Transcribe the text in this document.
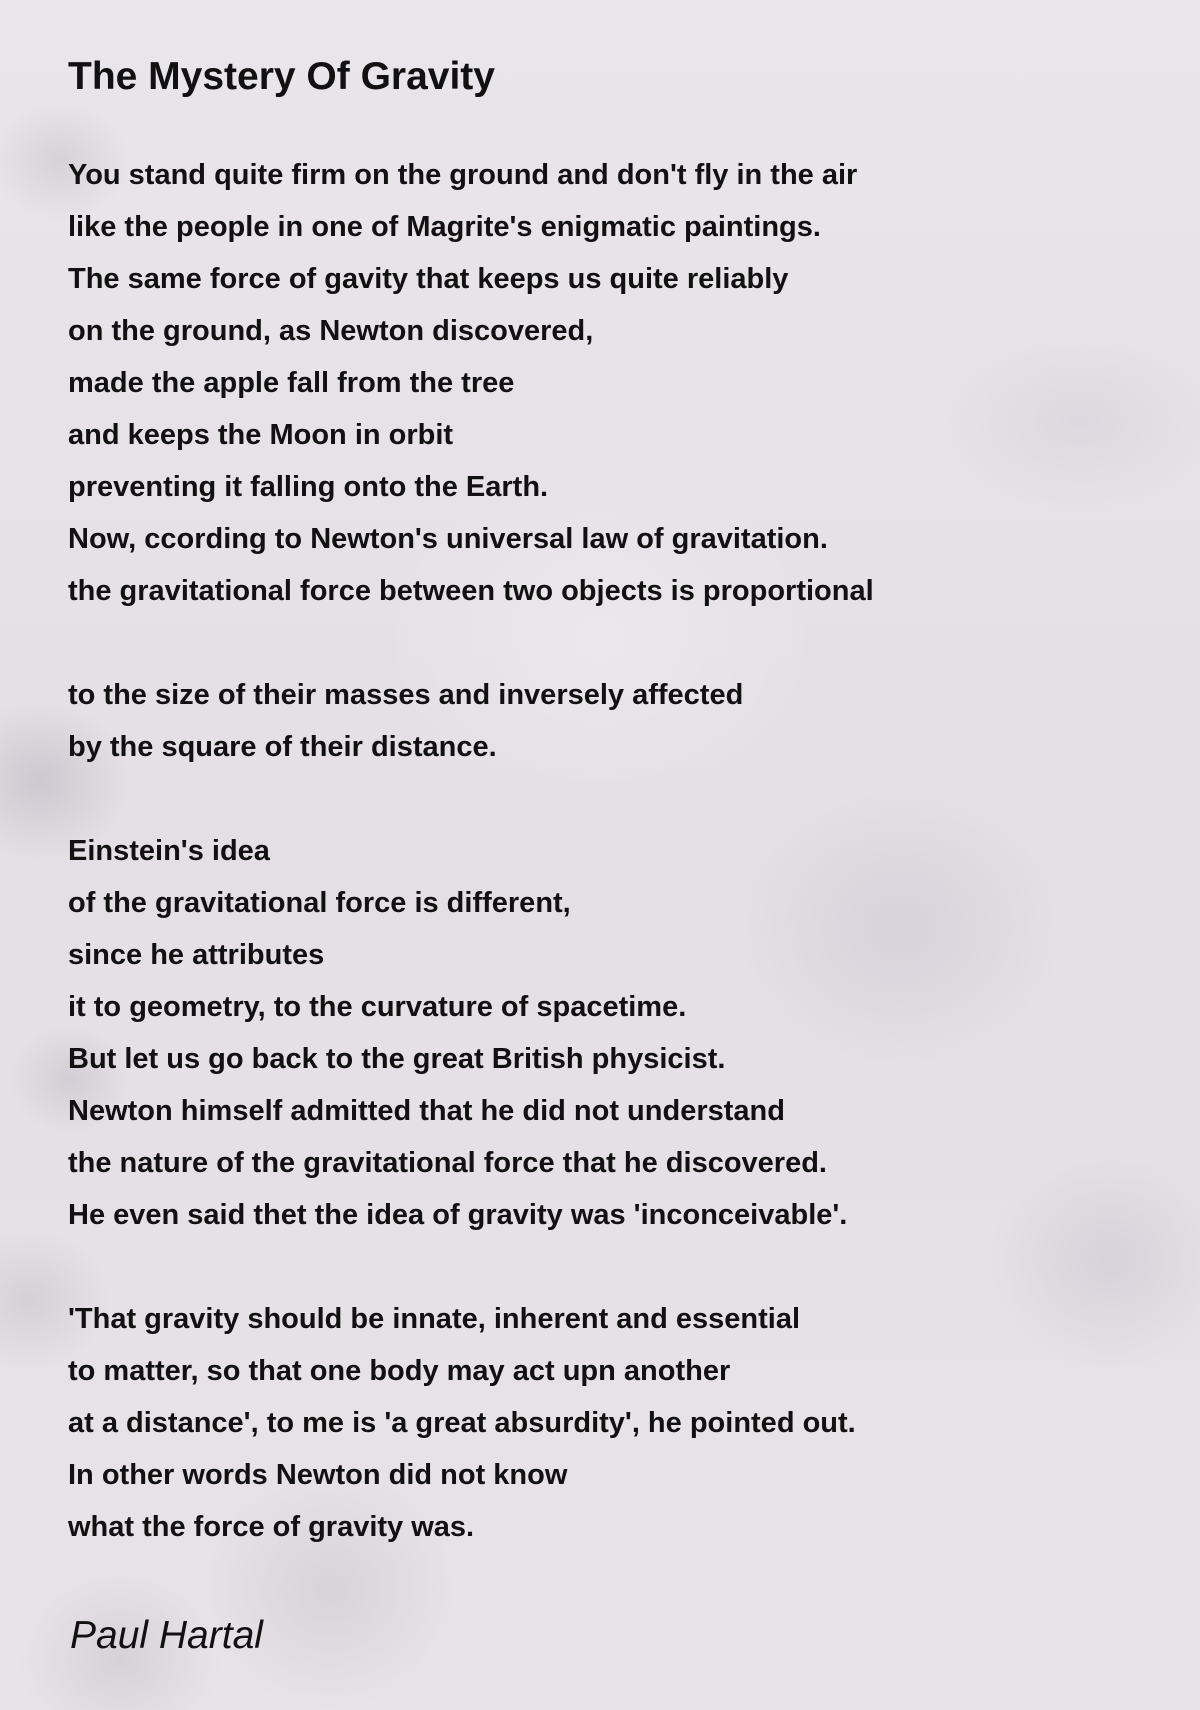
The Mystery Of Gravity
You stand quite firm on the ground and don't fly in the air
like the people in one of Magrite's enigmatic paintings.
The same force of gavity that keeps us quite reliably
on the ground, as Newton discovered,
made the apple fall from the tree
and keeps the Moon in orbit
preventing it falling onto the Earth.
Now, ccording to Newton's universal law of gravitation.
the gravitational force between two objects is proportional
to the size of their masses and inversely affected
by the square of their distance.
Einstein's idea
of the gravitational force is different,
since he attributes
it to geometry, to the curvature of spacetime.
But let us go back to the great British physicist.
Newton himself admitted that he did not understand
the nature of the gravitational force that he discovered.
He even said thet the idea of gravity was 'inconceivable'.
'That gravity should be innate, inherent and essential
to matter, so that one body may act upn another
at a distance', to me is 'a great absurdity', he pointed out.
In other words Newton did not know
what the force of gravity was.
Paul Hartal
